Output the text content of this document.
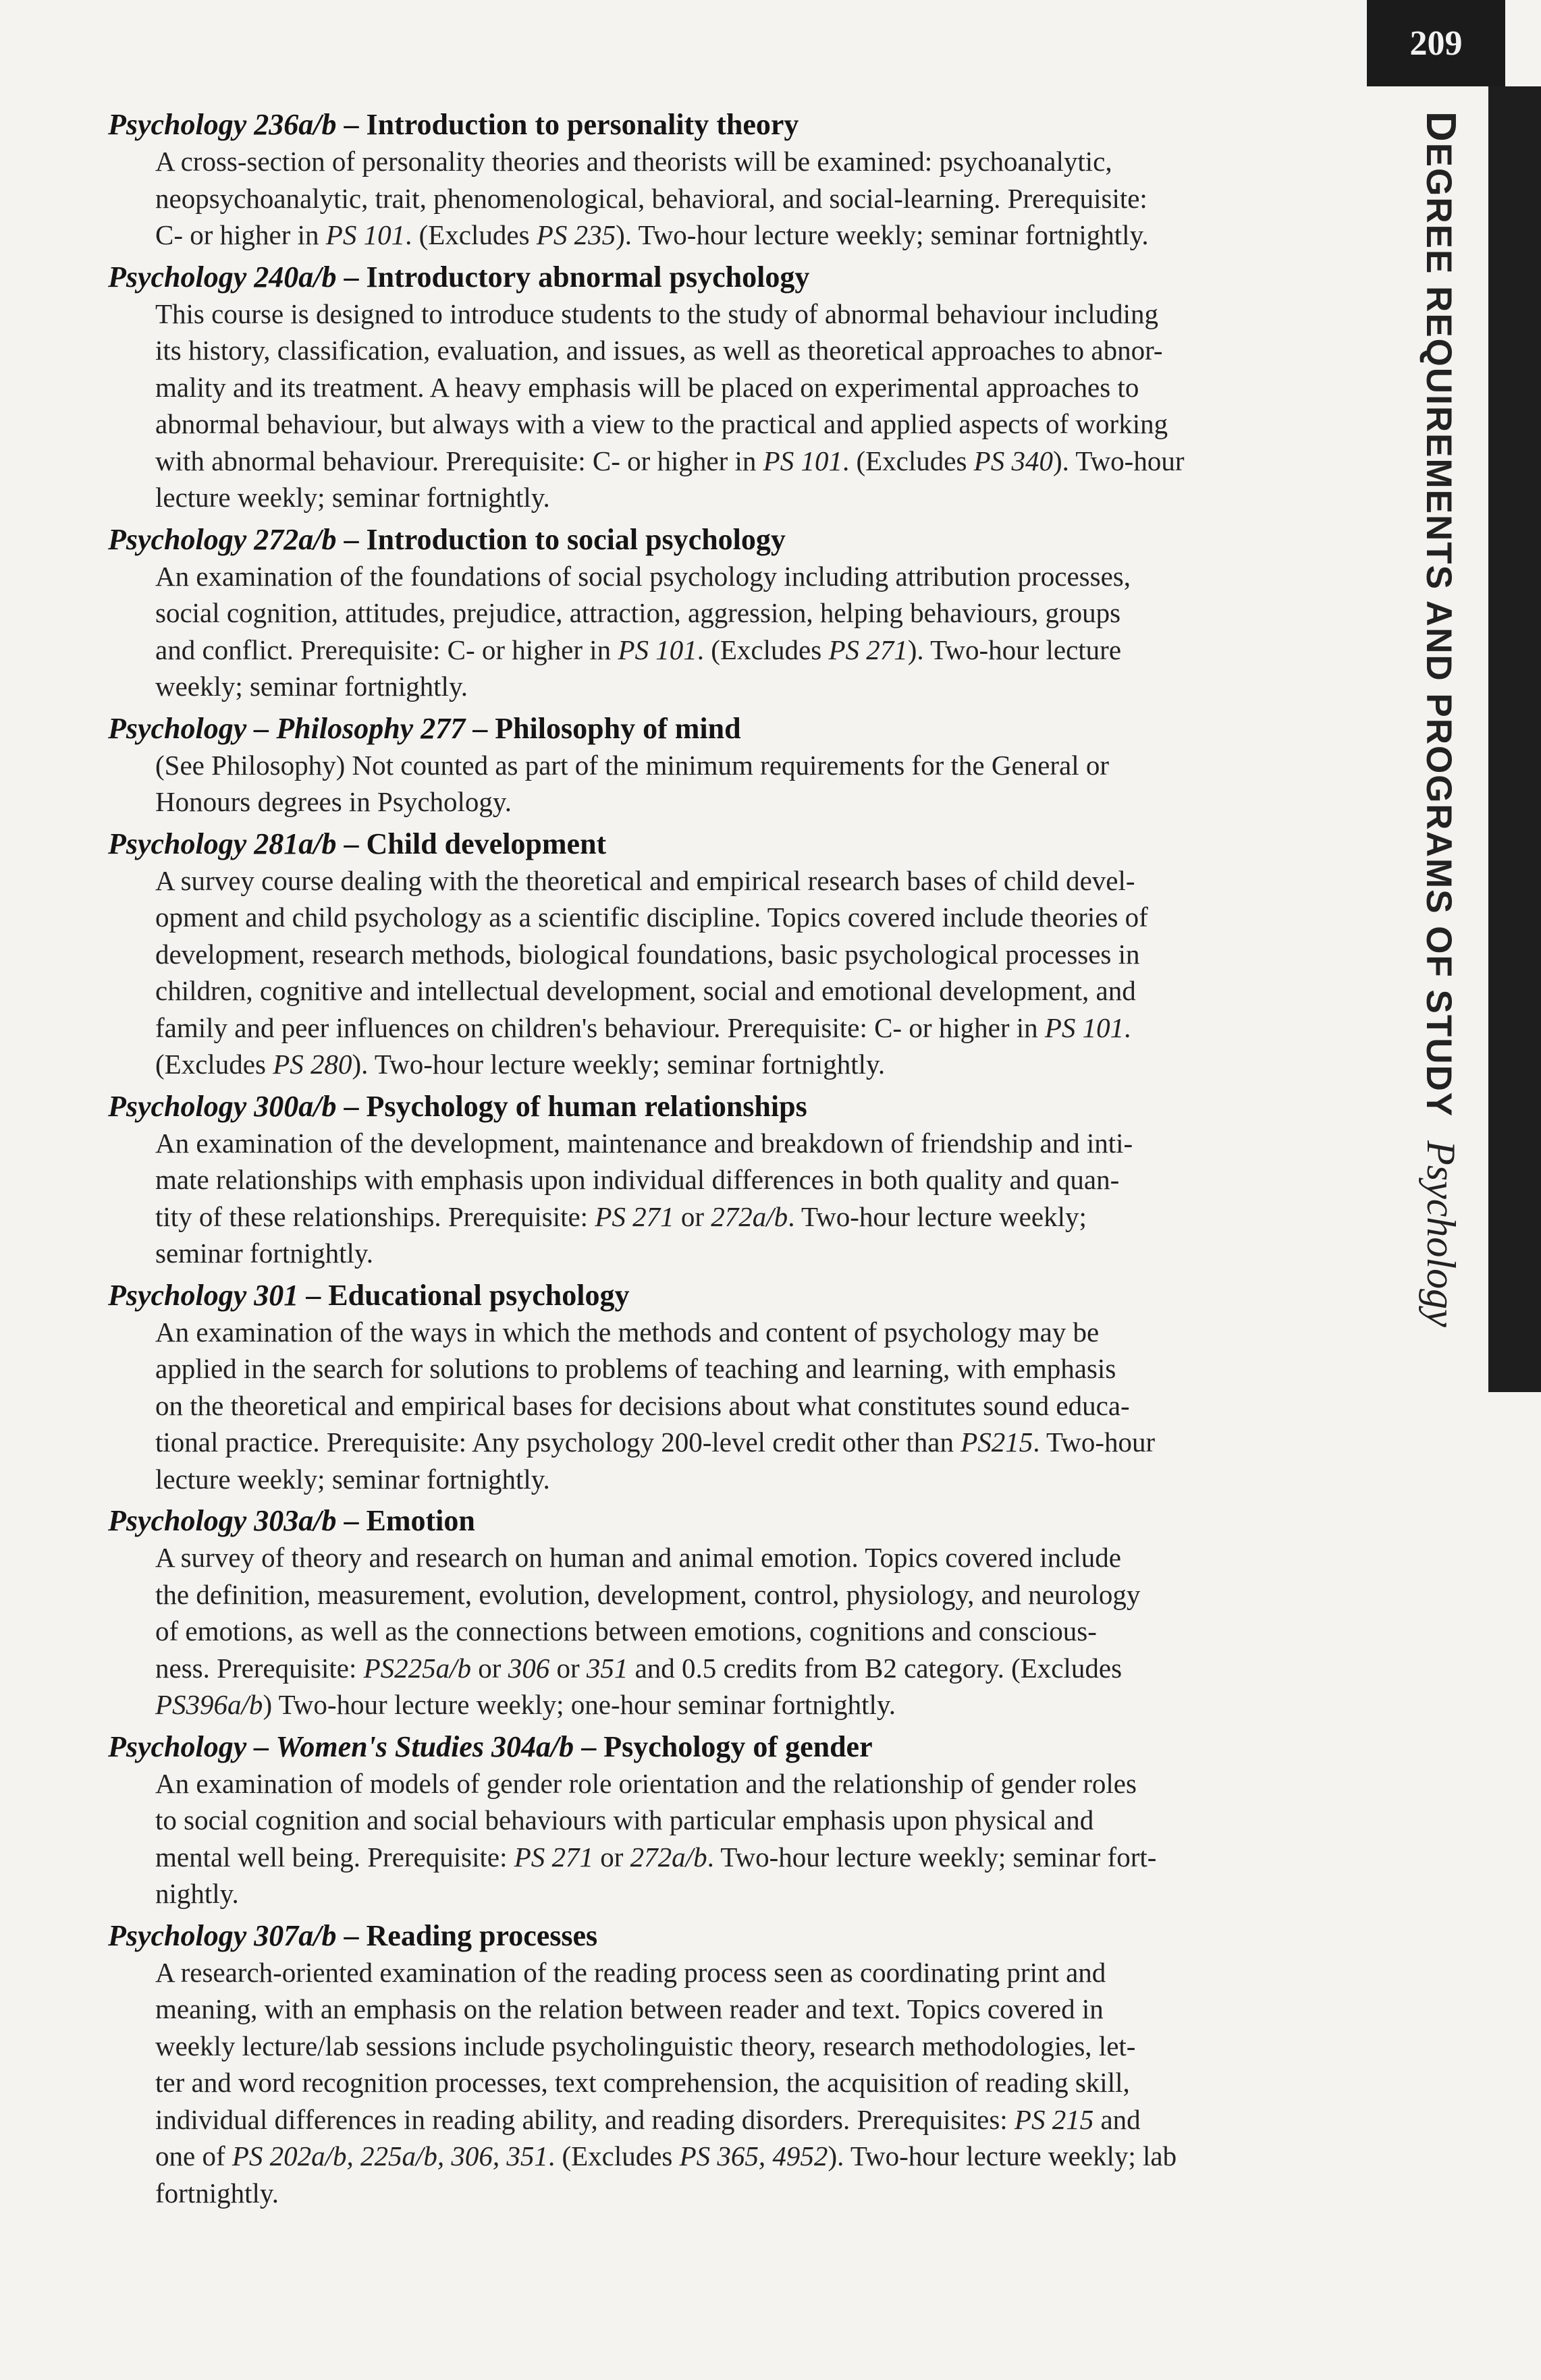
209
DEGREE REQUIREMENTS AND PROGRAMS OF STUDY
Psychology
Psychology 236a/b – Introduction to personality theory
A cross-section of personality theories and theorists will be examined: psychoanalytic,
neopsychoanalytic, trait, phenomenological, behavioral, and social-learning. Prerequisite:
C- or higher in PS 101. (Excludes PS 235). Two-hour lecture weekly; seminar fortnightly.
Psychology 240a/b – Introductory abnormal psychology
This course is designed to introduce students to the study of abnormal behaviour including
its history, classification, evaluation, and issues, as well as theoretical approaches to abnor-
mality and its treatment. A heavy emphasis will be placed on experimental approaches to
abnormal behaviour, but always with a view to the practical and applied aspects of working
with abnormal behaviour. Prerequisite: C- or higher in PS 101. (Excludes PS 340). Two-hour
lecture weekly; seminar fortnightly.
Psychology 272a/b – Introduction to social psychology
An examination of the foundations of social psychology including attribution processes,
social cognition, attitudes, prejudice, attraction, aggression, helping behaviours, groups
and conflict. Prerequisite: C- or higher in PS 101. (Excludes PS 271). Two-hour lecture
weekly; seminar fortnightly.
Psychology – Philosophy 277 – Philosophy of mind
(See Philosophy) Not counted as part of the minimum requirements for the General or
Honours degrees in Psychology.
Psychology 281a/b – Child development
A survey course dealing with the theoretical and empirical research bases of child devel-
opment and child psychology as a scientific discipline. Topics covered include theories of
development, research methods, biological foundations, basic psychological processes in
children, cognitive and intellectual development, social and emotional development, and
family and peer influences on children's behaviour. Prerequisite: C- or higher in PS 101.
(Excludes PS 280). Two-hour lecture weekly; seminar fortnightly.
Psychology 300a/b – Psychology of human relationships
An examination of the development, maintenance and breakdown of friendship and inti-
mate relationships with emphasis upon individual differences in both quality and quan-
tity of these relationships. Prerequisite: PS 271 or 272a/b. Two-hour lecture weekly;
seminar fortnightly.
Psychology 301 – Educational psychology
An examination of the ways in which the methods and content of psychology may be
applied in the search for solutions to problems of teaching and learning, with emphasis
on the theoretical and empirical bases for decisions about what constitutes sound educa-
tional practice. Prerequisite: Any psychology 200-level credit other than PS215. Two-hour
lecture weekly; seminar fortnightly.
Psychology 303a/b – Emotion
A survey of theory and research on human and animal emotion. Topics covered include
the definition, measurement, evolution, development, control, physiology, and neurology
of emotions, as well as the connections between emotions, cognitions and conscious-
ness. Prerequisite: PS225a/b or 306 or 351 and 0.5 credits from B2 category. (Excludes
PS396a/b) Two-hour lecture weekly; one-hour seminar fortnightly.
Psychology – Women's Studies 304a/b – Psychology of gender
An examination of models of gender role orientation and the relationship of gender roles
to social cognition and social behaviours with particular emphasis upon physical and
mental well being. Prerequisite: PS 271 or 272a/b. Two-hour lecture weekly; seminar fort-
nightly.
Psychology 307a/b – Reading processes
A research-oriented examination of the reading process seen as coordinating print and
meaning, with an emphasis on the relation between reader and text. Topics covered in
weekly lecture/lab sessions include psycholinguistic theory, research methodologies, let-
ter and word recognition processes, text comprehension, the acquisition of reading skill,
individual differences in reading ability, and reading disorders. Prerequisites: PS 215 and
one of PS 202a/b, 225a/b, 306, 351. (Excludes PS 365, 4952). Two-hour lecture weekly; lab
fortnightly.
